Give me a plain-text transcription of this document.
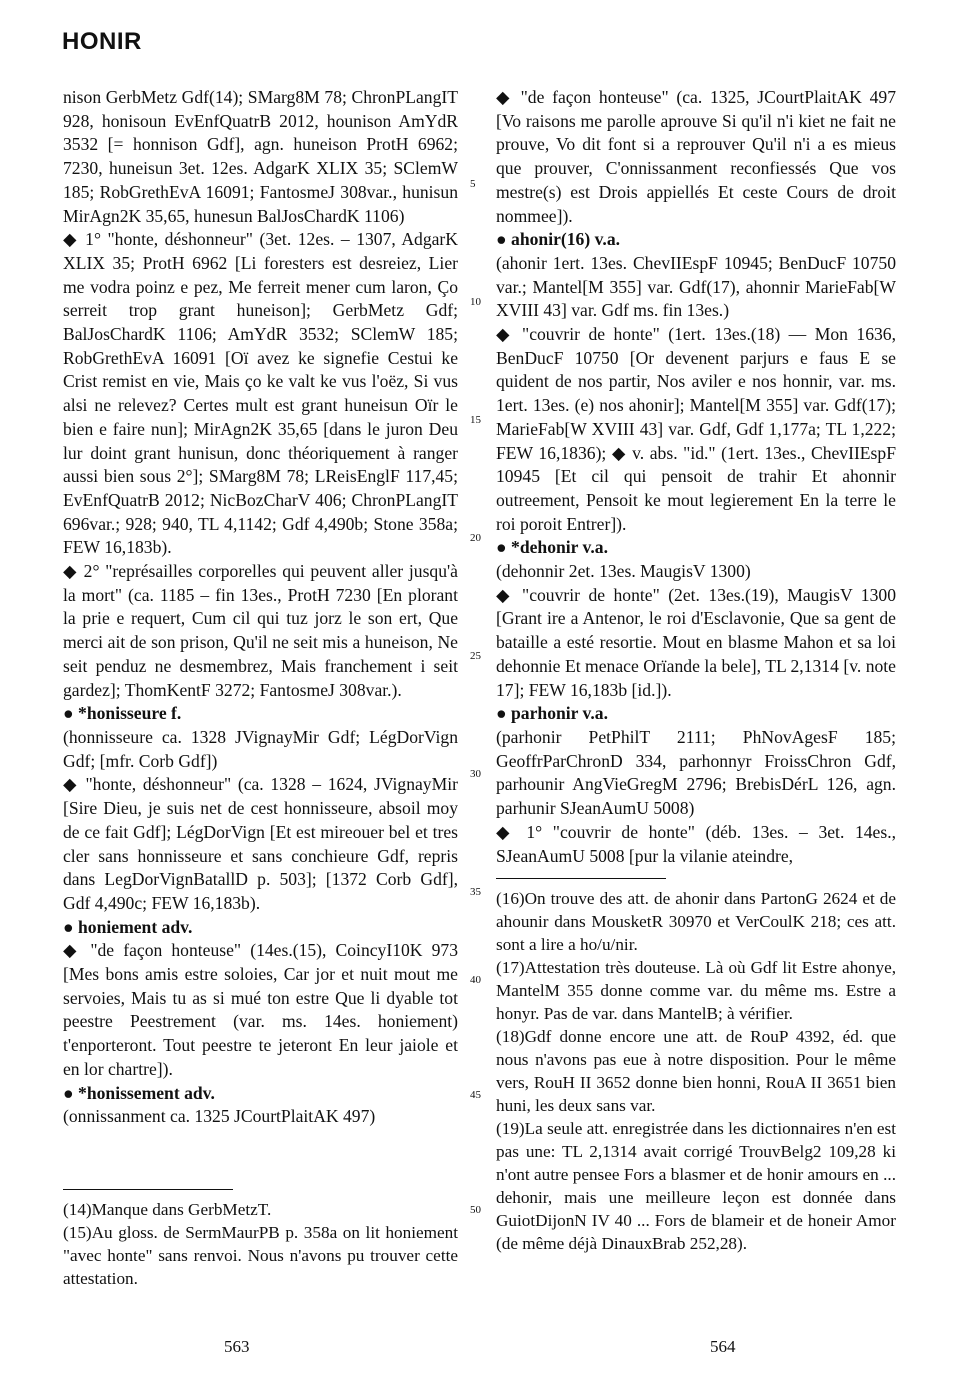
HONIR

nison GerbMetz Gdf(14); SMarg8M 78; ChronPLangIT 928, honisoun EvEnfQuatrB 2012, hounison AmYdR 3532 [= honnison Gdf], agn. huneison ProtH 6962; 7230, huneisun 3et. 12es. AdgarK XLIX 35; SClemW 185; RobGrethEvA 16091; FantosmeJ 308var., hunisun MirAgn2K 35,65, hunesun BalJosChardK 1106)

◆ 1° "honte, déshonneur" (3et. 12es. – 1307, AdgarK XLIX 35; ProtH 6962 [Li foresters est desreiez, Lier me vodra poinz e pez, Me ferreit mener cum laron, Ço serreit trop grant huneison]; GerbMetz Gdf; BalJosChardK 1106; AmYdR 3532; SClemW 185; RobGrethEvA 16091 [Oï avez ke signefie Cestui ke Crist remist en vie, Mais ço ke valt ke vus l'oëz, Si vus alsi ne relevez? Certes mult est grant huneisun Oïr le bien e faire nun]; MirAgn2K 35,65 [dans le juron Deu lur doint grant hunisun, donc théoriquement à ranger aussi bien sous 2°]; SMarg8M 78; LReisEnglF 117,45; EvEnfQuatrB 2012; NicBozCharV 406; ChronPLangIT 696var.; 928; 940, TL 4,1142; Gdf 4,490b; Stone 358a; FEW 16,183b).

◆ 2° "représailles corporelles qui peuvent aller jusqu'à la mort" (ca. 1185 – fin 13es., ProtH 7230 [En plorant la prie e requert, Cum cil qui tuz jorz le son ert, Que merci ait de son prison, Qu'il ne seit mis a huneison, Ne seit penduz ne desmembrez, Mais franchement i seit gardez]; ThomKentF 3272; FantosmeJ 308var.).

● *honisseure f.

(honnisseure ca. 1328 JVignayMir Gdf; LégDorVign Gdf; [mfr. Corb Gdf])

◆ "honte, déshonneur" (ca. 1328 – 1624, JVignayMir [Sire Dieu, je suis net de cest honnisseure, absoil moy de ce fait Gdf]; LégDorVign [Et est mireouer bel et tres cler sans honnisseure et sans conchieure Gdf, repris dans LegDorVignBatallD p. 503]; [1372 Corb Gdf], Gdf 4,490c; FEW 16,183b).

● honiement adv.

◆ "de façon honteuse" (14es.(15), CoincyI10K 973 [Mes bons amis estre soloies, Car jor et nuit mout me servoies, Mais tu as si mué ton estre Que li dyable tot peestre Peestrement (var. ms. 14es. honiement) t'enporteront. Tout peestre te jeteront En leur jaiole et en lor chartre]).

● *honissement adv.

(onnissanment ca. 1325 JCourtPlaitAK 497)

(14)Manque dans GerbMetzT.

(15)Au gloss. de SermMaurPB p. 358a on lit honiement "avec honte" sans renvoi. Nous n'avons pu trouver cette attestation.

5
10
15
20
25
30
35
40
45
50

◆ "de façon honteuse" (ca. 1325, JCourtPlaitAK 497 [Vo raisons me parolle aprouve Si qu'il n'i kiet ne fait ne prouve, Vo dit font si a reprouver Qu'il n'i a es mieus que prouver, C'onnissanment reconfiessés Que vos mestre(s) est Drois appiellés Et ceste Cours de droit nommee]).

● ahonir(16) v.a.

(ahonir 1ert. 13es. ChevIIEspF 10945; BenDucF 10750 var.; Mantel[M 355] var. Gdf(17), ahonnir MarieFab[W XVIII 43] var. Gdf ms. fin 13es.)

◆ "couvrir de honte" (1ert. 13es.(18) — Mon 1636, BenDucF 10750 [Or devenent parjurs e faus E se quident de nos partir, Nos aviler e nos honnir, var. ms. 1ert. 13es. (e) nos ahonir]; Mantel[M 355] var. Gdf(17); MarieFab[W XVIII 43] var. Gdf, Gdf 1,177a; TL 1,222; FEW 16,1836); ◆ v. abs. "id." (1ert. 13es., ChevIIEspF 10945 [Et cil qui pensoit de trahir Et ahonnir outreement, Pensoit ke mout legierement En la terre le roi poroit Entrer]).

● *dehonir v.a.

(dehonnir 2et. 13es. MaugisV 1300)

◆ "couvrir de honte" (2et. 13es.(19), MaugisV 1300 [Grant ire a Antenor, le roi d'Esclavonie, Que sa gent de bataille a esté resortie. Mout en blasme Mahon et sa loi dehonnie Et menace Orïande la bele], TL 2,1314 [v. note 17]; FEW 16,183b [id.]).

● parhonir v.a.

(parhonir PetPhilT 2111; PhNovAgesF 185; GeoffrParChronD 334, parhonnyr FroissChron Gdf, parhounir AngVieGregM 2796; BrebisDérL 126, agn. parhunir SJeanAumU 5008)

◆ 1° "couvrir de honte" (déb. 13es. – 3et. 14es., SJeanAumU 5008 [pur la vilanie ateindre,

(16)On trouve des att. de ahonir dans PartonG 2624 et de ahounir dans MousketR 30970 et VerCoulK 218; ces att. sont a lire a ho/u/nir.

(17)Attestation très douteuse. Là où Gdf lit Estre ahonye, MantelM 355 donne comme var. du même ms. Estre a honyr. Pas de var. dans MantelB; à vérifier.

(18)Gdf donne encore une att. de RouP 4392, éd. que nous n'avons pas eue à notre disposition. Pour le même vers, RouH II 3652 donne bien honni, RouA II 3651 bien huni, les deux sans var.

(19)La seule att. enregistrée dans les dictionnaires n'en est pas une: TL 2,1314 avait corrigé TrouvBelg2 109,28 ki n'ont autre pensee Fors a blasmer et de honir amours en ... dehonir, mais une meilleure leçon est donnée dans GuiotDijonN IV 40 ... Fors de blameir et de honeir Amor (de même déjà DinauxBrab 252,28).

563	564
